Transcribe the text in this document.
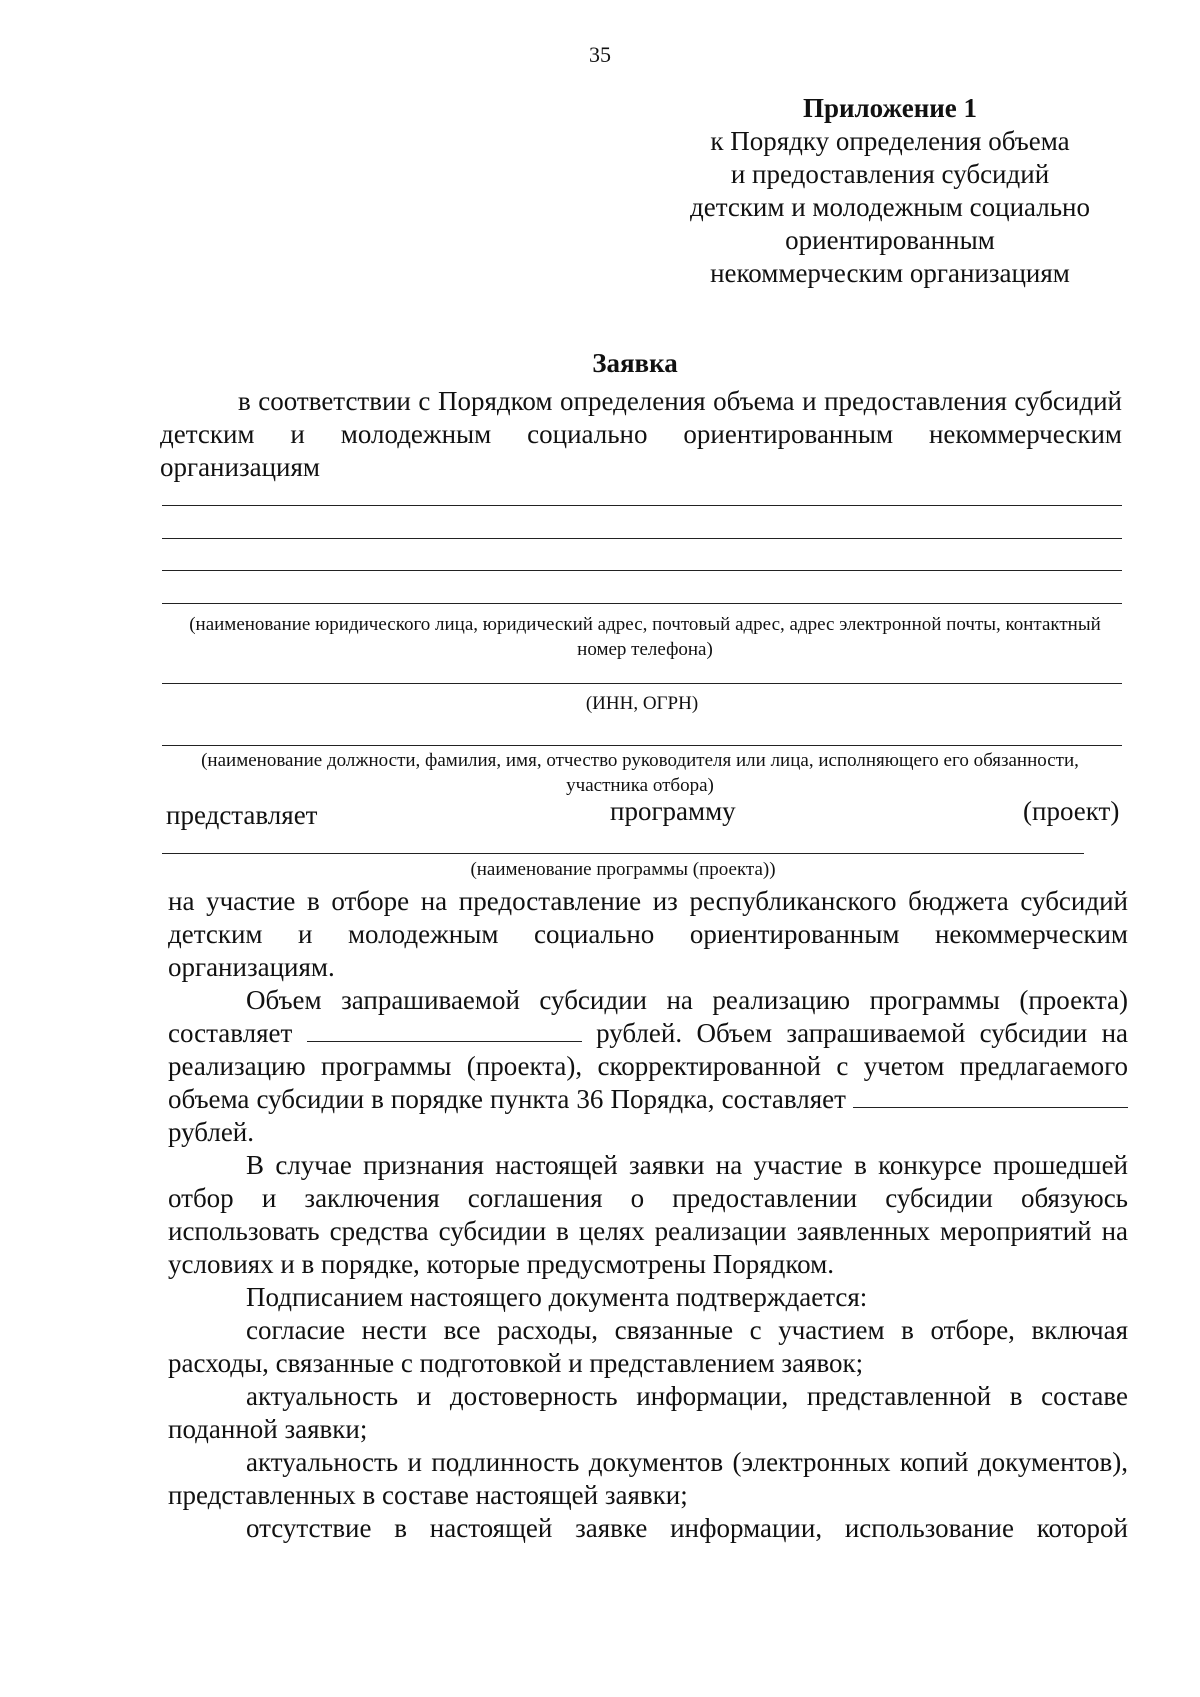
35
Приложение 1
к Порядку определения объема
и предоставления субсидий
детским и молодежным социально
ориентированным
некоммерческим организациям
Заявка
в соответствии с Порядком определения объема и предоставления субсидий детским и молодежным социально ориентированным некоммерческим организациям
(наименование юридического лица, юридический адрес, почтовый адрес, адрес электронной почты, контактный номер телефона)
(ИНН, ОГРН)
(наименование должности, фамилия, имя, отчество руководителя или лица, исполняющего его обязанности, участника отбора)
представляет	программу	(проект)
(наименование программы (проекта))

на участие в отборе на предоставление из республиканского бюджета субсидий детским и молодежным социально ориентированным некоммерческим организациям.

Объем запрашиваемой субсидии на реализацию программы (проекта) составляет	рублей. Объем запрашиваемой субсидии на реализацию программы (проекта), скорректированной с учетом предлагаемого объема субсидии в порядке пункта 36 Порядка, составляет  рублей.

В случае признания настоящей заявки на участие в конкурсе прошедшей отбор и заключения соглашения о предоставлении субсидии обязуюсь использовать средства субсидии в целях реализации заявленных мероприятий на условиях и в порядке, которые предусмотрены Порядком.

Подписанием настоящего документа подтверждается:

согласие нести все расходы, связанные с участием в отборе, включая расходы, связанные с подготовкой и представлением заявок;

актуальность и достоверность информации, представленной в составе поданной заявки;

актуальность и подлинность документов (электронных копий документов), представленных в составе настоящей заявки;

отсутствие в настоящей заявке информации, использование которой
